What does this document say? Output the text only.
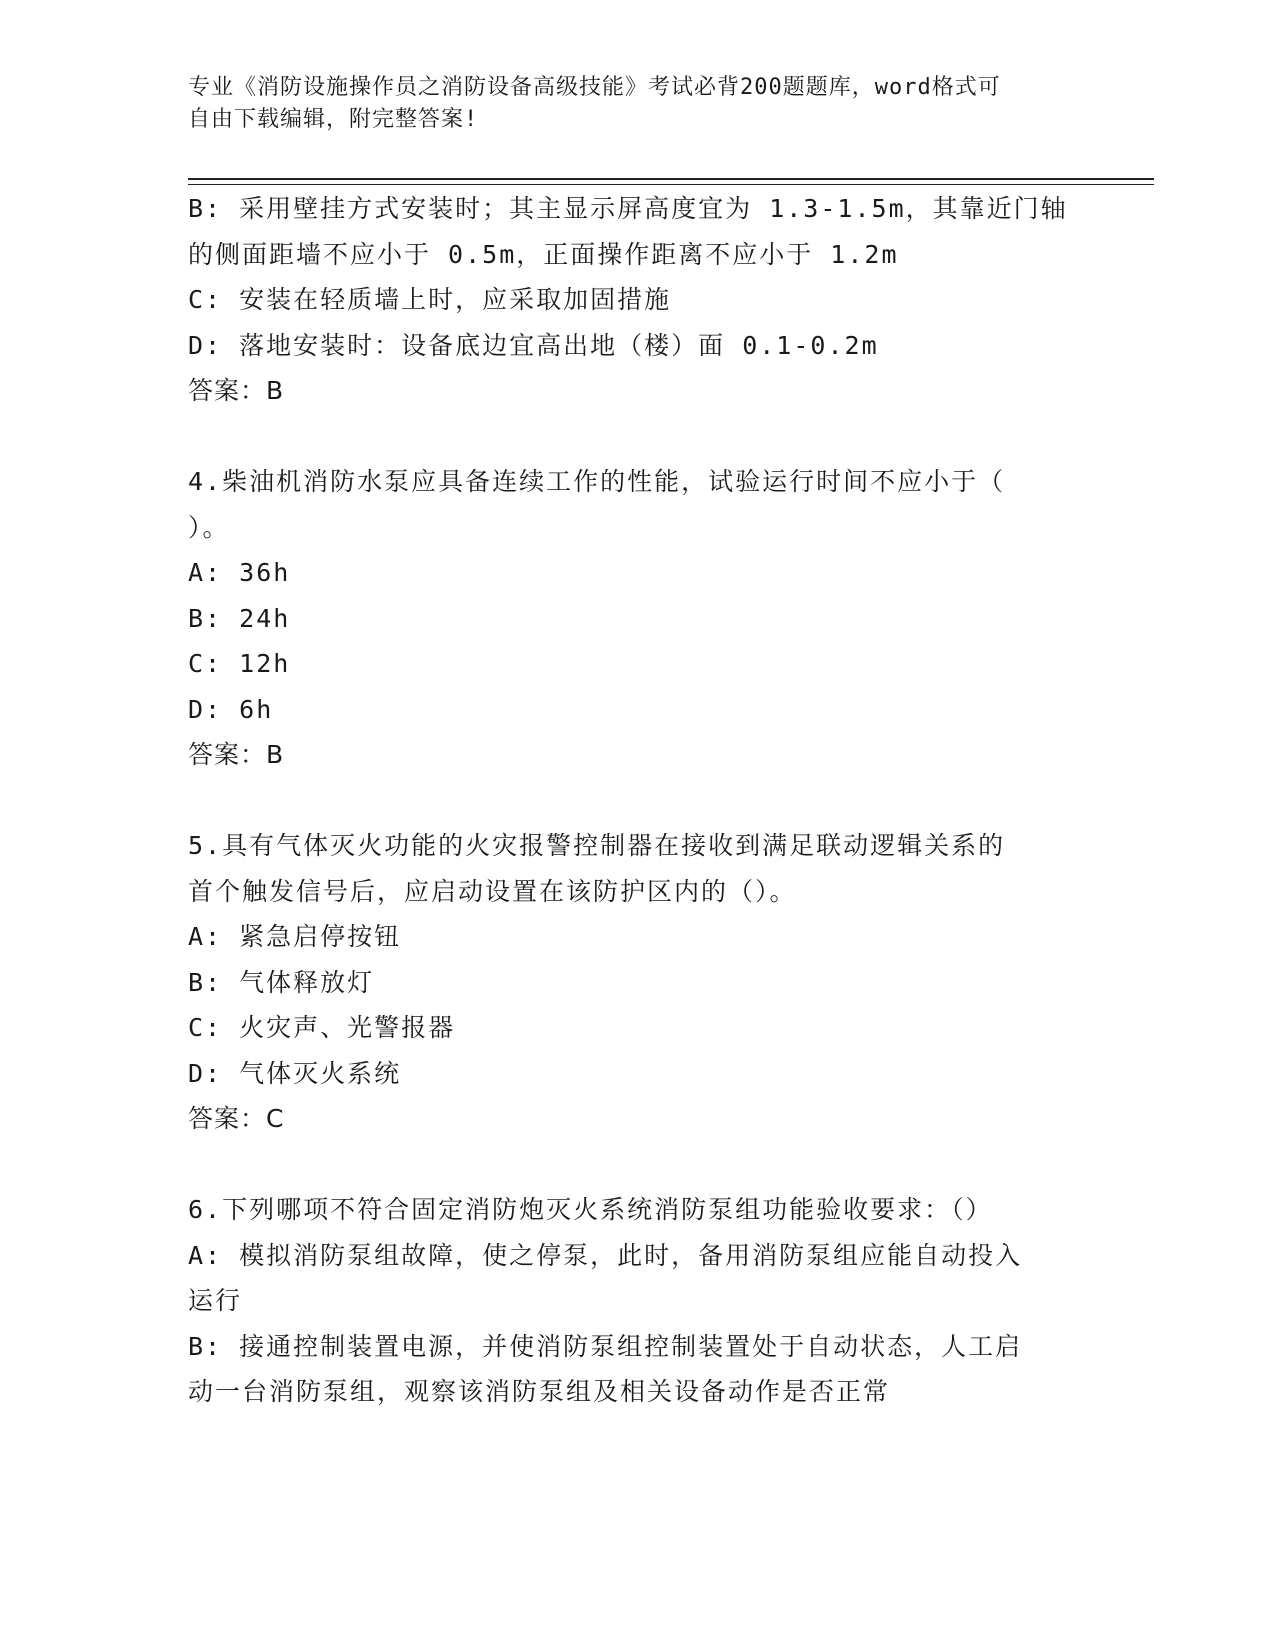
专业《消防设施操作员之消防设备高级技能》考试必背200题题库，word格式可
自由下载编辑，附完整答案!
B: 采用壁挂方式安装时；其主显示屏高度宜为 1.3-1.5m，其靠近门轴
的侧面距墙不应小于 0.5m，正面操作距离不应小于 1.2m
C: 安装在轻质墙上时，应采取加固措施
D: 落地安装时：设备底边宜高出地（楼）面 0.1-0.2m
答案：B
4.柴油机消防水泵应具备连续工作的性能，试验运行时间不应小于（
）。
A: 36h
B: 24h
C: 12h
D: 6h
答案：B
5.具有气体灭火功能的火灾报警控制器在接收到满足联动逻辑关系的
首个触发信号后，应启动设置在该防护区内的（）。
A: 紧急启停按钮
B: 气体释放灯
C: 火灾声、光警报器
D: 气体灭火系统
答案：C
6.下列哪项不符合固定消防炮灭火系统消防泵组功能验收要求：（）
A: 模拟消防泵组故障，使之停泵，此时，备用消防泵组应能自动投入
运行
B: 接通控制装置电源，并使消防泵组控制装置处于自动状态，人工启
动一台消防泵组，观察该消防泵组及相关设备动作是否正常
